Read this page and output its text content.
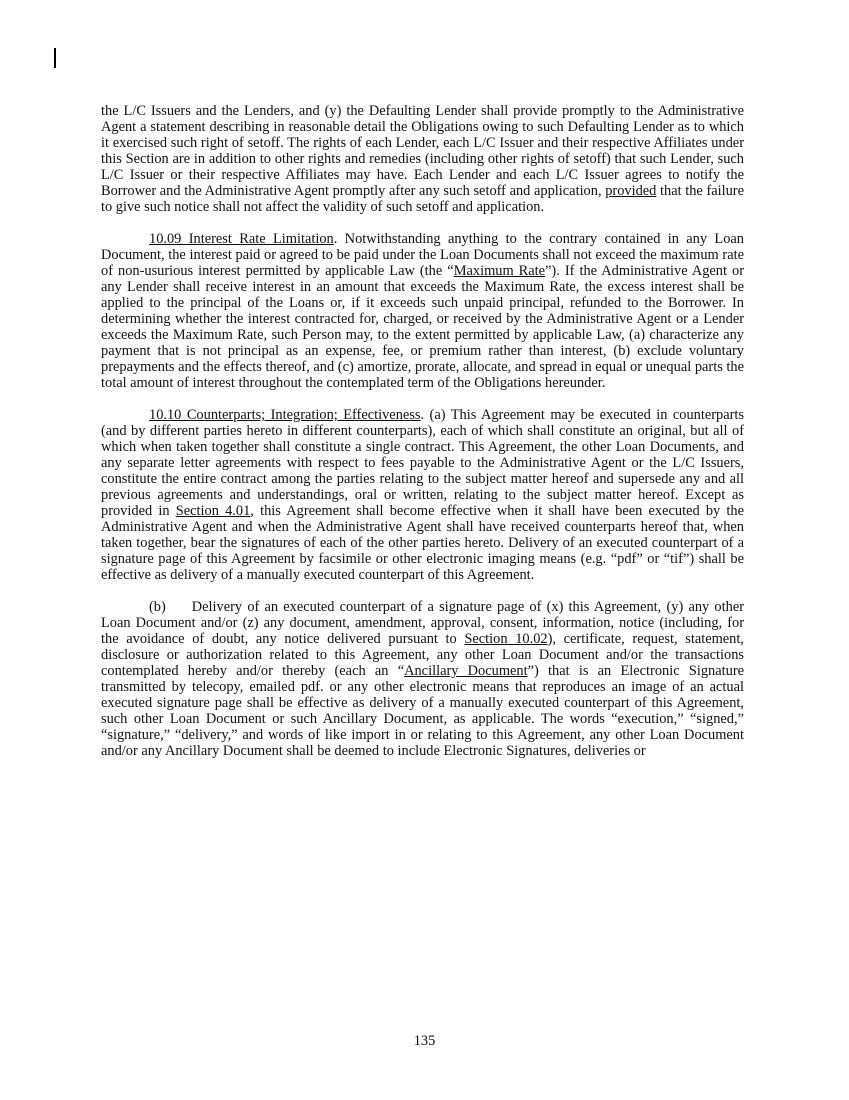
the L/C Issuers and the Lenders, and (y) the Defaulting Lender shall provide promptly to the Administrative Agent a statement describing in reasonable detail the Obligations owing to such Defaulting Lender as to which it exercised such right of setoff. The rights of each Lender, each L/C Issuer and their respective Affiliates under this Section are in addition to other rights and remedies (including other rights of setoff) that such Lender, such L/C Issuer or their respective Affiliates may have. Each Lender and each L/C Issuer agrees to notify the Borrower and the Administrative Agent promptly after any such setoff and application, provided that the failure to give such notice shall not affect the validity of such setoff and application.

10.09 Interest Rate Limitation. Notwithstanding anything to the contrary contained in any Loan Document, the interest paid or agreed to be paid under the Loan Documents shall not exceed the maximum rate of non-usurious interest permitted by applicable Law (the “Maximum Rate”). If the Administrative Agent or any Lender shall receive interest in an amount that exceeds the Maximum Rate, the excess interest shall be applied to the principal of the Loans or, if it exceeds such unpaid principal, refunded to the Borrower. In determining whether the interest contracted for, charged, or received by the Administrative Agent or a Lender exceeds the Maximum Rate, such Person may, to the extent permitted by applicable Law, (a) characterize any payment that is not principal as an expense, fee, or premium rather than interest, (b) exclude voluntary prepayments and the effects thereof, and (c) amortize, prorate, allocate, and spread in equal or unequal parts the total amount of interest throughout the contemplated term of the Obligations hereunder.

10.10 Counterparts; Integration; Effectiveness. (a) This Agreement may be executed in counterparts (and by different parties hereto in different counterparts), each of which shall constitute an original, but all of which when taken together shall constitute a single contract. This Agreement, the other Loan Documents, and any separate letter agreements with respect to fees payable to the Administrative Agent or the L/C Issuers, constitute the entire contract among the parties relating to the subject matter hereof and supersede any and all previous agreements and understandings, oral or written, relating to the subject matter hereof. Except as provided in Section 4.01, this Agreement shall become effective when it shall have been executed by the Administrative Agent and when the Administrative Agent shall have received counterparts hereof that, when taken together, bear the signatures of each of the other parties hereto. Delivery of an executed counterpart of a signature page of this Agreement by facsimile or other electronic imaging means (e.g. “pdf” or “tif”) shall be effective as delivery of a manually executed counterpart of this Agreement.

(b) Delivery of an executed counterpart of a signature page of (x) this Agreement, (y) any other Loan Document and/or (z) any document, amendment, approval, consent, information, notice (including, for the avoidance of doubt, any notice delivered pursuant to Section 10.02), certificate, request, statement, disclosure or authorization related to this Agreement, any other Loan Document and/or the transactions contemplated hereby and/or thereby (each an “Ancillary Document”) that is an Electronic Signature transmitted by telecopy, emailed pdf. or any other electronic means that reproduces an image of an actual executed signature page shall be effective as delivery of a manually executed counterpart of this Agreement, such other Loan Document or such Ancillary Document, as applicable. The words “execution,” “signed,” “signature,” “delivery,” and words of like import in or relating to this Agreement, any other Loan Document and/or any Ancillary Document shall be deemed to include Electronic Signatures, deliveries or

135
